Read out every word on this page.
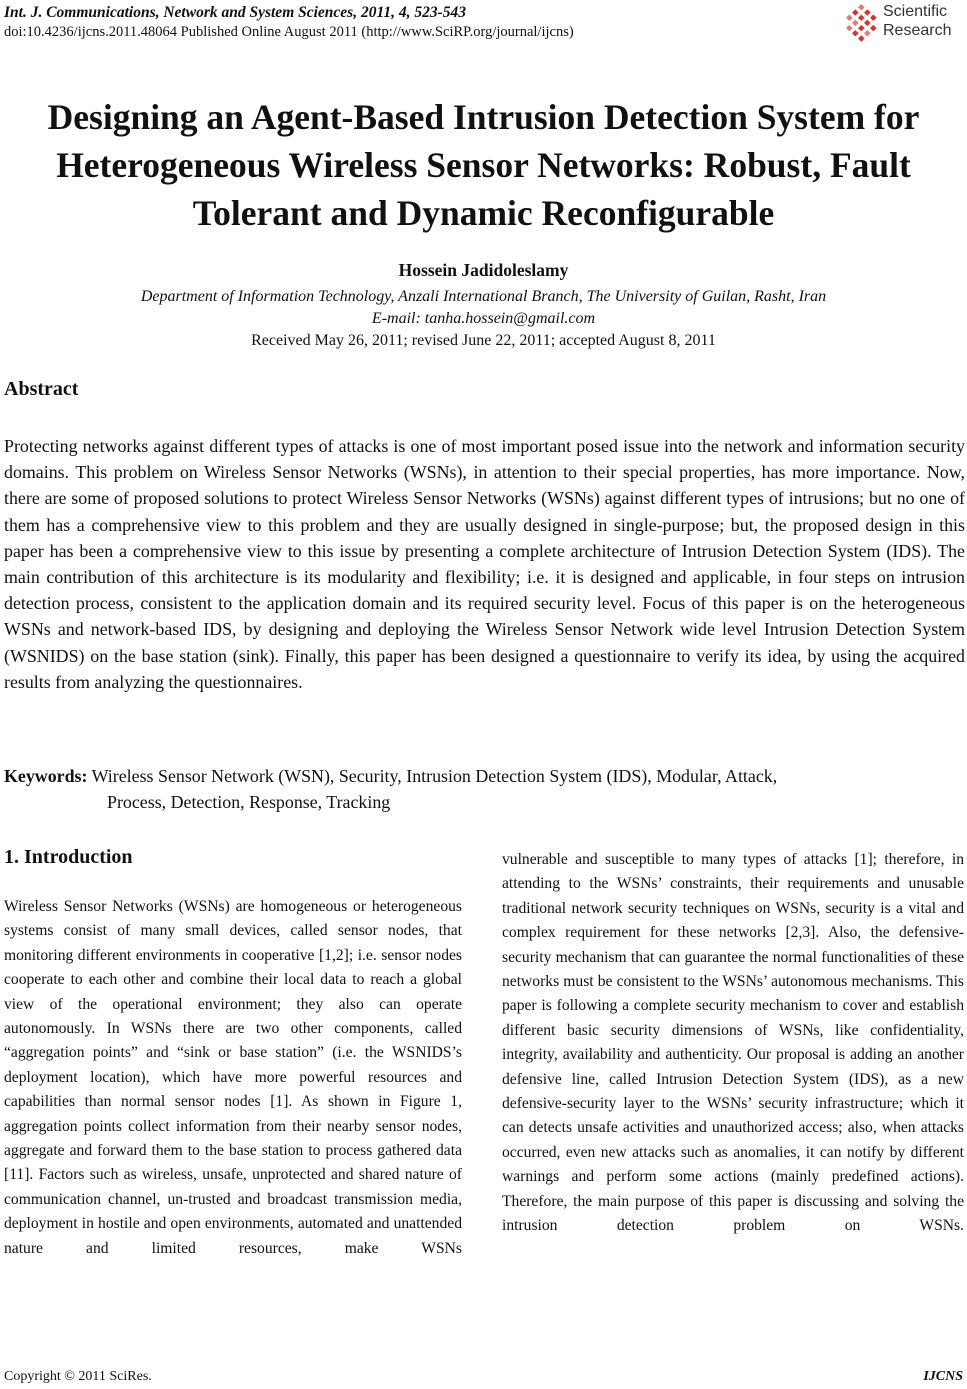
Int. J. Communications, Network and System Sciences, 2011, 4, 523-543
doi:10.4236/ijcns.2011.48064 Published Online August 2011 (http://www.SciRP.org/journal/ijcns)
Scientific
Research
Designing an Agent-Based Intrusion Detection System for
Heterogeneous Wireless Sensor Networks: Robust, Fault
Tolerant and Dynamic Reconfigurable
Hossein Jadidoleslamy
Department of Information Technology, Anzali International Branch, The University of Guilan, Rasht, Iran
E-mail: tanha.hossein@gmail.com
Received May 26, 2011; revised June 22, 2011; accepted August 8, 2011
Abstract
Protecting networks against different types of attacks is one of most important posed issue into the network and information security domains. This problem on Wireless Sensor Networks (WSNs), in attention to their special properties, has more importance. Now, there are some of proposed solutions to protect Wireless Sensor Networks (WSNs) against different types of intrusions; but no one of them has a comprehensive view to this problem and they are usually designed in single-purpose; but, the proposed design in this paper has been a comprehensive view to this issue by presenting a complete architecture of Intrusion Detection System (IDS). The main contribution of this architecture is its modularity and flexibility; i.e. it is designed and applicable, in four steps on intrusion detection process, consistent to the application domain and its required security level. Focus of this paper is on the heterogeneous WSNs and network-based IDS, by designing and deploying the Wireless Sensor Network wide level Intrusion Detection System (WSNIDS) on the base station (sink). Finally, this paper has been designed a questionnaire to verify its idea, by using the acquired results from analyzing the questionnaires.
Keywords: Wireless Sensor Network (WSN), Security, Intrusion Detection System (IDS), Modular, Attack,
Process, Detection, Response, Tracking
1. Introduction

Wireless Sensor Networks (WSNs) are homogeneous or heterogeneous systems consist of many small devices, called sensor nodes, that monitoring different environments in cooperative [1,2]; i.e. sensor nodes cooperate to each other and combine their local data to reach a global view of the operational environment; they also can operate autonomously. In WSNs there are two other components, called “aggregation points” and “sink or base station” (i.e. the WSNIDS’s deployment location), which have more powerful resources and capabilities than normal sensor nodes [1]. As shown in Figure 1, aggregation points collect information from their nearby sensor nodes, aggregate and forward them to the base station to process gathered data [11]. Factors such as wireless, unsafe, unprotected and shared nature of communication channel, un-trusted and broadcast transmission media, deployment in hostile and open environments, automated and unattended nature and limited resources, make WSNs

vulnerable and susceptible to many types of attacks [1]; therefore, in attending to the WSNs’ constraints, their requirements and unusable traditional network security techniques on WSNs, security is a vital and complex requirement for these networks [2,3]. Also, the defensive-security mechanism that can guarantee the normal functionalities of these networks must be consistent to the WSNs’ autonomous mechanisms. This paper is following a complete security mechanism to cover and establish different basic security dimensions of WSNs, like confidentiality, integrity, availability and authenticity. Our proposal is adding an another defensive line, called Intrusion Detection System (IDS), as a new defensive-security layer to the WSNs’ security infrastructure; which it can detects unsafe activities and unauthorized access; also, when attacks occurred, even new attacks such as anomalies, it can notify by different warnings and perform some actions (mainly predefined actions). Therefore, the main purpose of this paper is discussing and solving the intrusion detection problem on WSNs.

Copyright © 2011 SciRes.	IJCNS
